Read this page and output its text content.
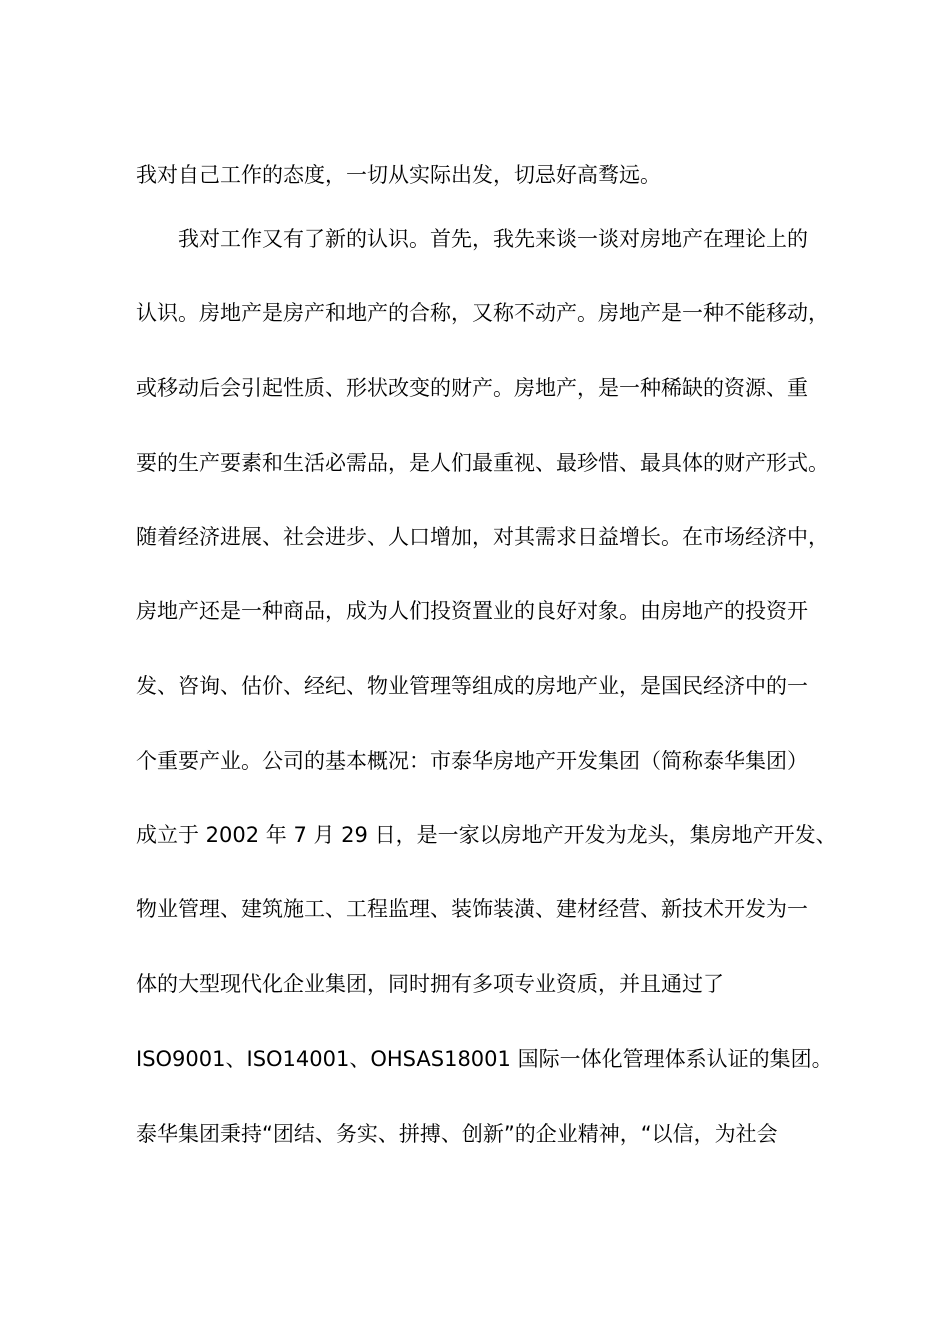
我对自己工作的态度，一切从实际出发，切忌好高骛远。
　　我对工作又有了新的认识。首先，我先来谈一谈对房地产在理论上的
认识。房地产是房产和地产的合称，又称不动产。房地产是一种不能移动，
或移动后会引起性质、形状改变的财产。房地产，是一种稀缺的资源、重
要的生产要素和生活必需品，是人们最重视、最珍惜、最具体的财产形式。
随着经济进展、社会进步、人口增加，对其需求日益增长。在市场经济中，
房地产还是一种商品，成为人们投资置业的良好对象。由房地产的投资开
发、咨询、估价、经纪、物业管理等组成的房地产业，是国民经济中的一
个重要产业。公司的基本概况：市泰华房地产开发集团（简称泰华集团）
成立于 2002 年 7 月 29 日，是一家以房地产开发为龙头，集房地产开发、
物业管理、建筑施工、工程监理、装饰装潢、建材经营、新技术开发为一
体的大型现代化企业集团，同时拥有多项专业资质，并且通过了
ISO9001、ISO14001、OHSAS18001 国际一体化管理体系认证的集团。
泰华集团秉持“团结、务实、拼搏、创新”的企业精神，“以信，为社会
